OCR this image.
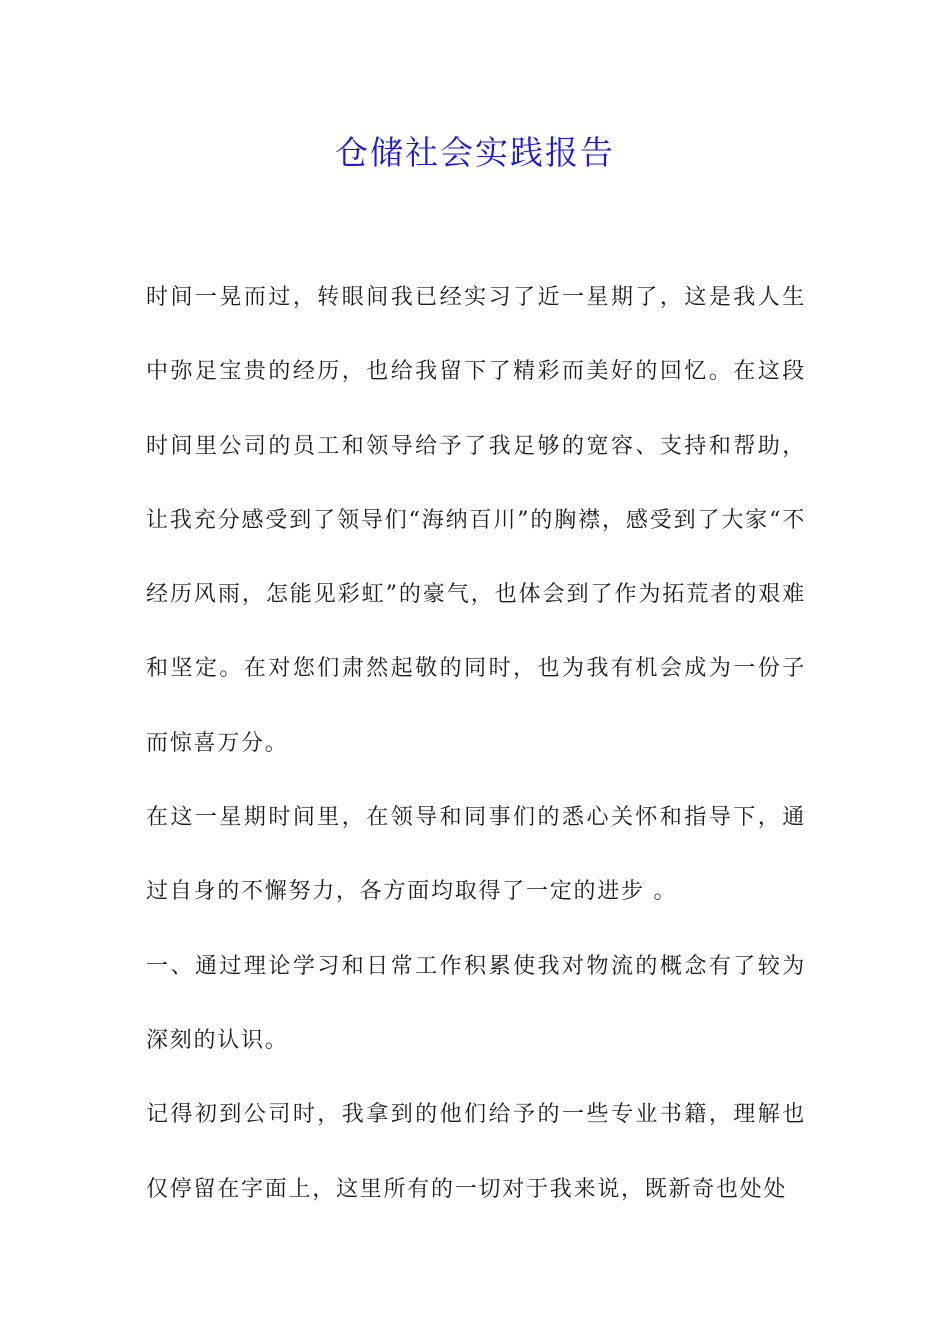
仓储社会实践报告

时间一晃而过，转眼间我已经实习了近一星期了，这是我人生中弥足宝贵的经历，也给我留下了精彩而美好的回忆。在这段时间里公司的员工和领导给予了我足够的宽容、支持和帮助，让我充分感受到了领导们“海纳百川”的胸襟，感受到了大家“不经历风雨，怎能见彩虹”的豪气，也体会到了作为拓荒者的艰难和坚定。在对您们肃然起敬的同时，也为我有机会成为一份子而惊喜万分。

在这一星期时间里，在领导和同事们的悉心关怀和指导下，通过自身的不懈努力，各方面均取得了一定的进步 。

一、通过理论学习和日常工作积累使我对物流的概念有了较为深刻的认识。

记得初到公司时，我拿到的他们给予的一些专业书籍，理解也仅停留在字面上，这里所有的一切对于我来说，既新奇也处处
